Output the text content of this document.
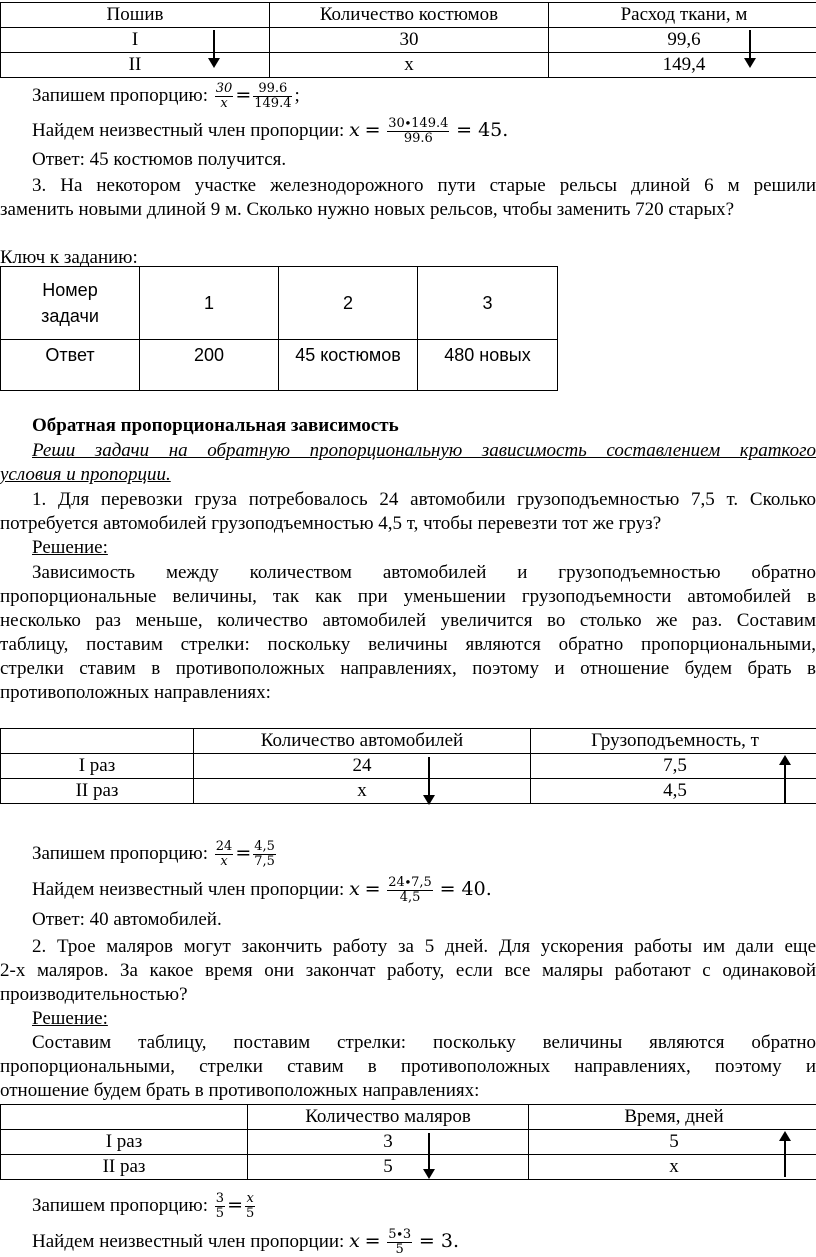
Пошив	Количество костюмов	Расход ткани, м
I	30	99,6
II	x	149,4
Запишем пропорцию: $\frac{30}{x} = \frac{99.6}{149.4}$ ;
Найдем неизвестный член пропорции: $x = \frac{30\cdot 149.4}{99.6} = 45$.
Ответ: 45 костюмов получится.
3. На некотором участке железнодорожного пути старые рельсы длиной 6 м решили
заменить новыми длиной 9 м. Сколько нужно новых рельсов, чтобы заменить 720 старых?
Ключ к заданию:
Номер
задачи	1	2	3
Ответ	200	45 костюмов	480 новых
Обратная пропорциональная зависимость
Реши задачи на обратную пропорциональную зависимость составлением краткого
условия и пропорции.
1. Для перевозки груза потребовалось 24 автомобили грузоподъемностью 7,5 т. Сколько
потребуется автомобилей грузоподъемностью 4,5 т, чтобы перевезти тот же груз?
Решение:
Зависимость между количеством автомобилей и грузоподъемностью обратно
пропорциональные величины, так как при уменьшении грузоподъемности автомобилей в
несколько раз меньше, количество автомобилей увеличится во столько же раз. Составим
таблицу, поставим стрелки: поскольку величины являются обратно пропорциональными,
стрелки ставим в противоположных направлениях, поэтому и отношение будем брать в
противоположных направлениях:
	Количество автомобилей	Грузоподъемность, т
I раз	24	7,5
II раз	x	4,5
Запишем пропорцию: $\frac{24}{x} = \frac{4,5}{7,5}$
Найдем неизвестный член пропорции: $x = \frac{24\cdot 7,5}{4,5} = 40$.
Ответ: 40 автомобилей.
2. Трое маляров могут закончить работу за 5 дней. Для ускорения работы им дали еще
2-х маляров. За какое время они закончат работу, если все маляры работают с одинаковой
производительностью?
Решение:
Составим таблицу, поставим стрелки: поскольку величины являются обратно
пропорциональными, стрелки ставим в противоположных направлениях, поэтому и
отношение будем брать в противоположных направлениях:
	Количество маляров	Время, дней
I раз	3	5
II раз	5	x
Запишем пропорцию: $\frac{3}{5} = \frac{x}{5}$
Найдем неизвестный член пропорции: $x = \frac{5\cdot 3}{5} = 3$.
